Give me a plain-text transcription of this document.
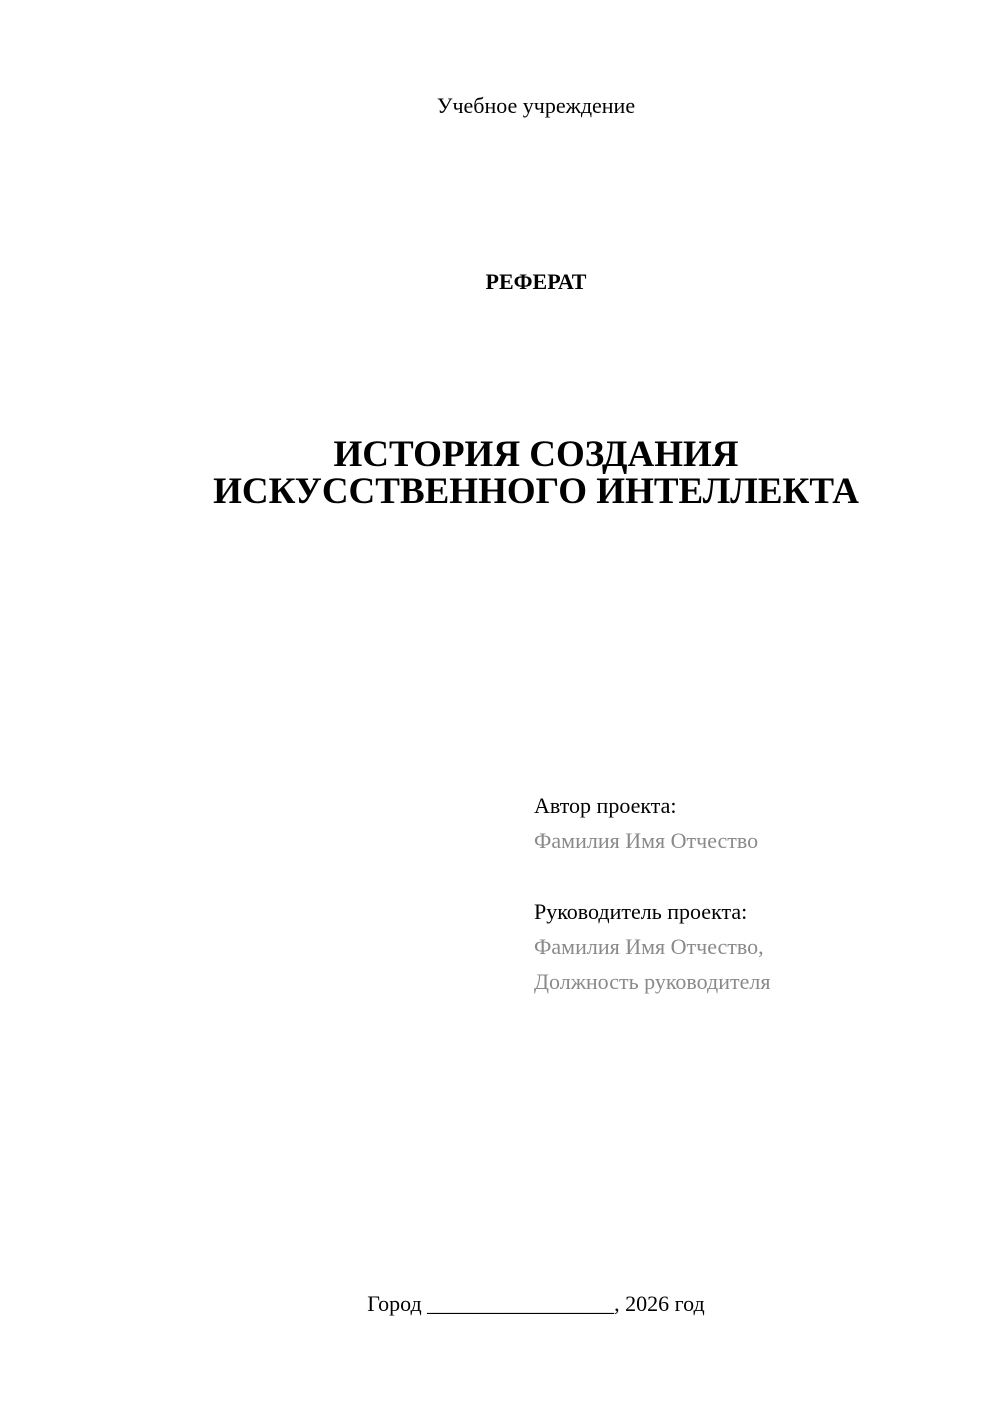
Учебное учреждение
РЕФЕРАТ
ИСТОРИЯ СОЗДАНИЯ
ИСКУССТВЕННОГО ИНТЕЛЛЕКТА
Автор проекта:
Фамилия Имя Отчество
Руководитель проекта:
Фамилия Имя Отчество,
Должность руководителя
Город _________________, 2026 год
